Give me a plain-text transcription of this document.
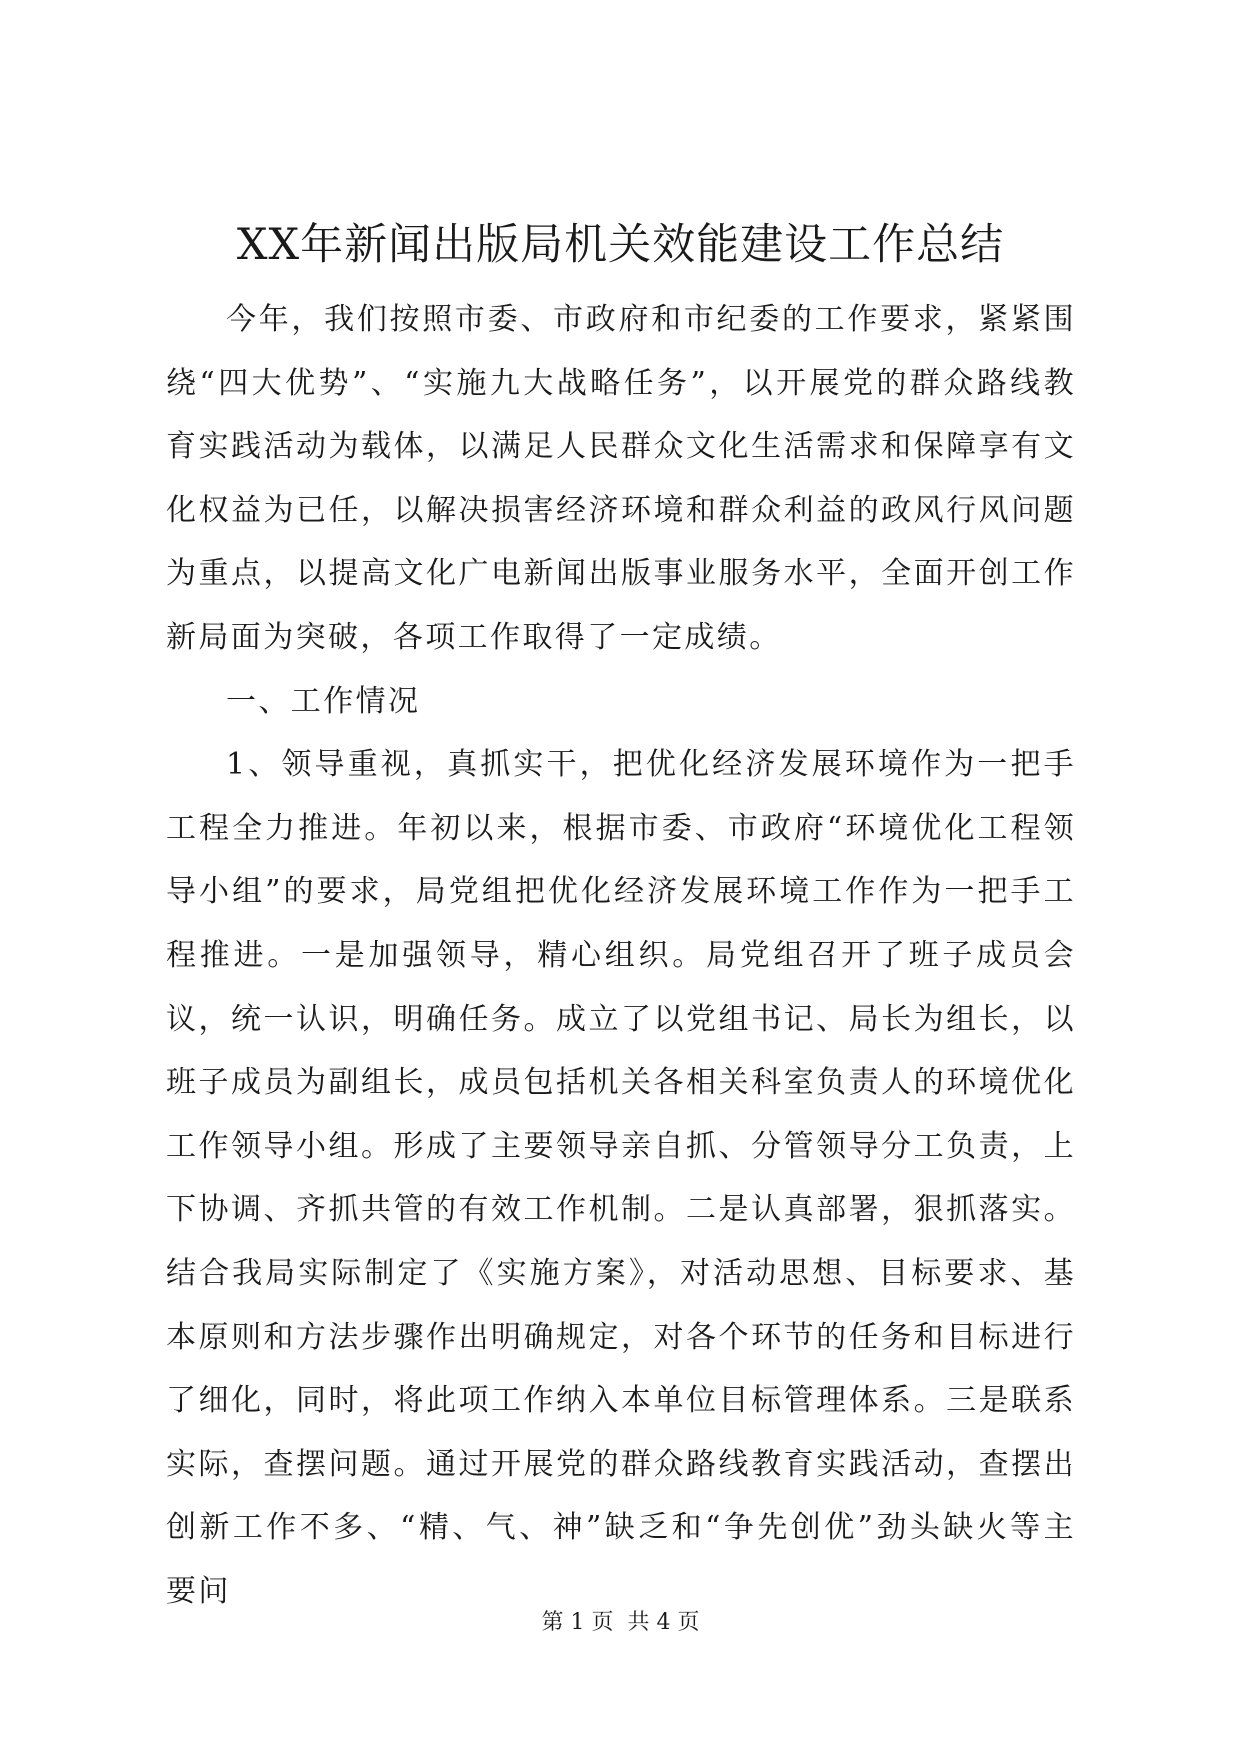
XX年新闻出版局机关效能建设工作总结

今年，我们按照市委、市政府和市纪委的工作要求，紧紧围绕“四大优势”、“实施九大战略任务”，以开展党的群众路线教育实践活动为载体，以满足人民群众文化生活需求和保障享有文化权益为已任，以解决损害经济环境和群众利益的政风行风问题为重点，以提高文化广电新闻出版事业服务水平，全面开创工作新局面为突破，各项工作取得了一定成绩。

一、工作情况

1、领导重视，真抓实干，把优化经济发展环境作为一把手工程全力推进。年初以来，根据市委、市政府“环境优化工程领导小组”的要求，局党组把优化经济发展环境工作作为一把手工程推进。一是加强领导，精心组织。局党组召开了班子成员会议，统一认识，明确任务。成立了以党组书记、局长为组长，以班子成员为副组长，成员包括机关各相关科室负责人的环境优化工作领导小组。形成了主要领导亲自抓、分管领导分工负责，上下协调、齐抓共管的有效工作机制。二是认真部署，狠抓落实。结合我局实际制定了《实施方案》，对活动思想、目标要求、基本原则和方法步骤作出明确规定，对各个环节的任务和目标进行了细化，同时，将此项工作纳入本单位目标管理体系。三是联系实际，查摆问题。通过开展党的群众路线教育实践活动，查摆出创新工作不多、“精、气、神”缺乏和“争先创优”劲头缺火等主要问

第 1 页  共 4 页
